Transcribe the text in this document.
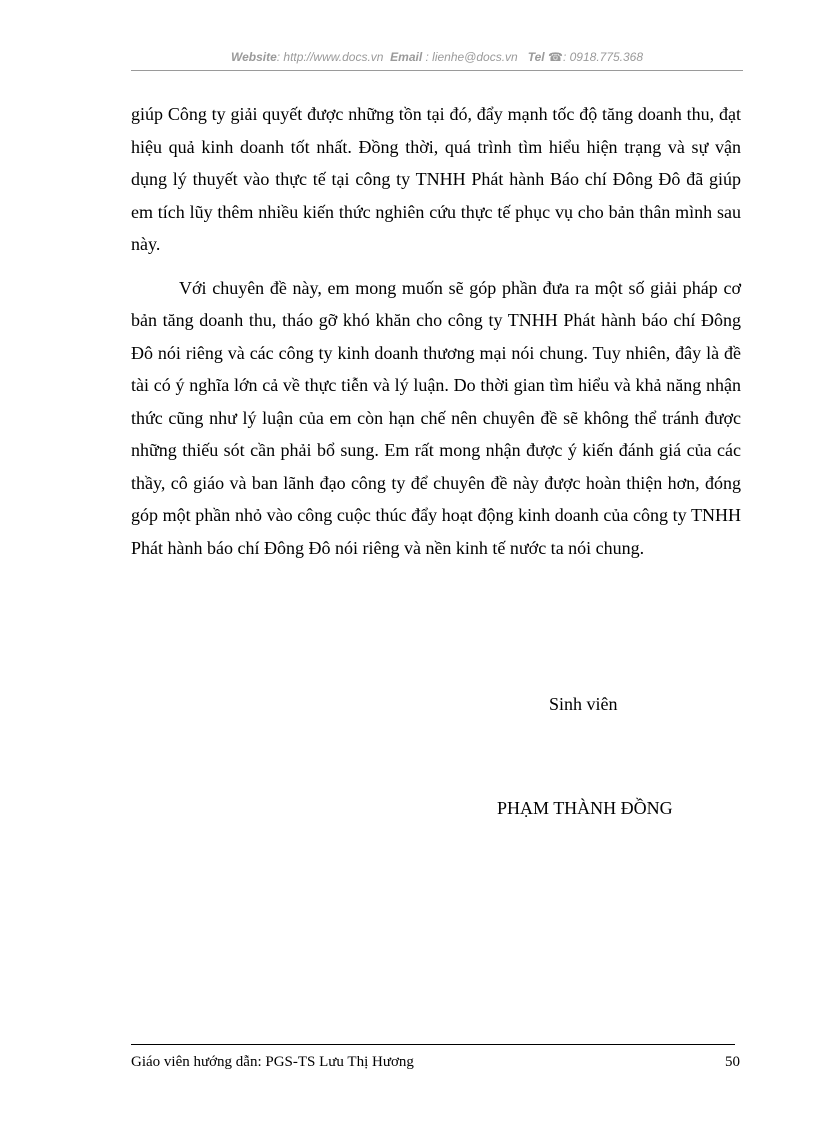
Website: http://www.docs.vn Email : lienhe@docs.vn Tel ☎: 0918.775.368

giúp Công ty giải quyết được những tồn tại đó, đẩy mạnh tốc độ tăng doanh thu, đạt hiệu quả kinh doanh tốt nhất. Đồng thời, quá trình tìm hiểu hiện trạng và sự vận dụng lý thuyết vào thực tế tại công ty TNHH Phát hành Báo chí Đông Đô đã giúp em tích lũy thêm nhiều kiến thức nghiên cứu thực tế phục vụ cho bản thân mình sau này.

Với chuyên đề này, em mong muốn sẽ góp phần đưa ra một số giải pháp cơ bản tăng doanh thu, tháo gỡ khó khăn cho công ty TNHH Phát hành báo chí Đông Đô nói riêng và các công ty kinh doanh thương mại nói chung. Tuy nhiên, đây là đề tài có ý nghĩa lớn cả về thực tiễn và lý luận. Do thời gian tìm hiểu và khả năng nhận thức cũng như lý luận của em còn hạn chế nên chuyên đề sẽ không thể tránh được những thiếu sót cần phải bổ sung. Em rất mong nhận được ý kiến đánh giá của các thầy, cô giáo và ban lãnh đạo công ty để chuyên đề này được hoàn thiện hơn, đóng góp một phần nhỏ vào công cuộc thúc đẩy hoạt động kinh doanh của công ty TNHH Phát hành báo chí Đông Đô nói riêng và nền kinh tế nước ta nói chung.

Sinh viên
PHẠM THÀNH ĐỒNG
Giáo viên hướng dẫn: PGS-TS Lưu Thị Hương	50
